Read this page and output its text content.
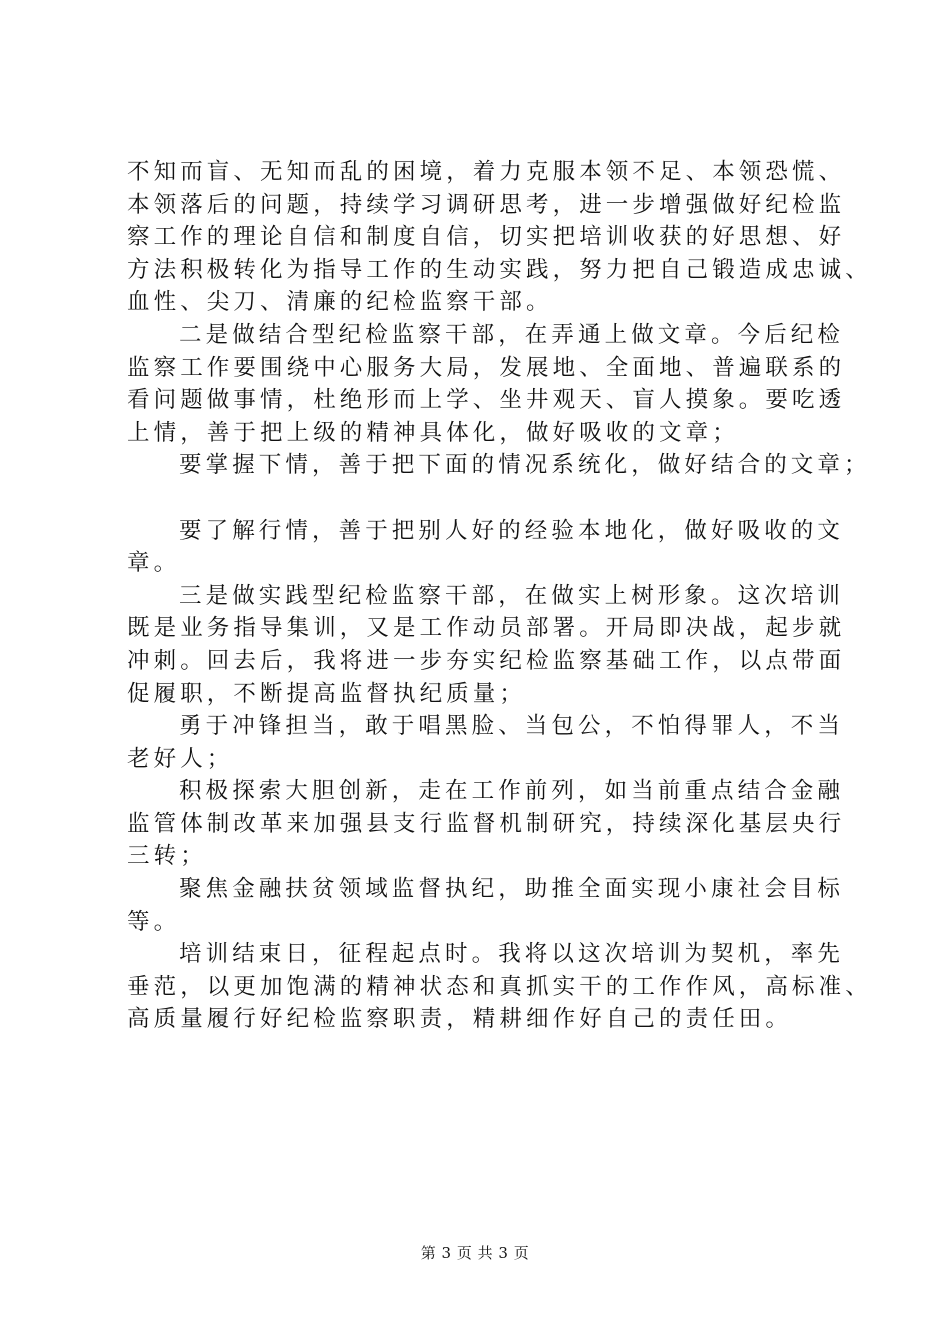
不知而盲、无知而乱的困境，着力克服本领不足、本领恐慌、
本领落后的问题，持续学习调研思考，进一步增强做好纪检监
察工作的理论自信和制度自信，切实把培训收获的好思想、好
方法积极转化为指导工作的生动实践，努力把自己锻造成忠诚、
血性、尖刀、清廉的纪检监察干部。
二是做结合型纪检监察干部，在弄通上做文章。今后纪检
监察工作要围绕中心服务大局，发展地、全面地、普遍联系的
看问题做事情，杜绝形而上学、坐井观天、盲人摸象。要吃透
上情，善于把上级的精神具体化，做好吸收的文章；
要掌握下情，善于把下面的情况系统化，做好结合的文章；
要了解行情，善于把别人好的经验本地化，做好吸收的文
章。
三是做实践型纪检监察干部，在做实上树形象。这次培训
既是业务指导集训，又是工作动员部署。开局即决战，起步就
冲刺。回去后，我将进一步夯实纪检监察基础工作，以点带面
促履职，不断提高监督执纪质量；
勇于冲锋担当，敢于唱黑脸、当包公，不怕得罪人，不当
老好人；
积极探索大胆创新，走在工作前列，如当前重点结合金融
监管体制改革来加强县支行监督机制研究，持续深化基层央行
三转；
聚焦金融扶贫领域监督执纪，助推全面实现小康社会目标
等。
培训结束日，征程起点时。我将以这次培训为契机，率先
垂范，以更加饱满的精神状态和真抓实干的工作作风，高标准、
高质量履行好纪检监察职责，精耕细作好自己的责任田。
第 3 页 共 3 页
